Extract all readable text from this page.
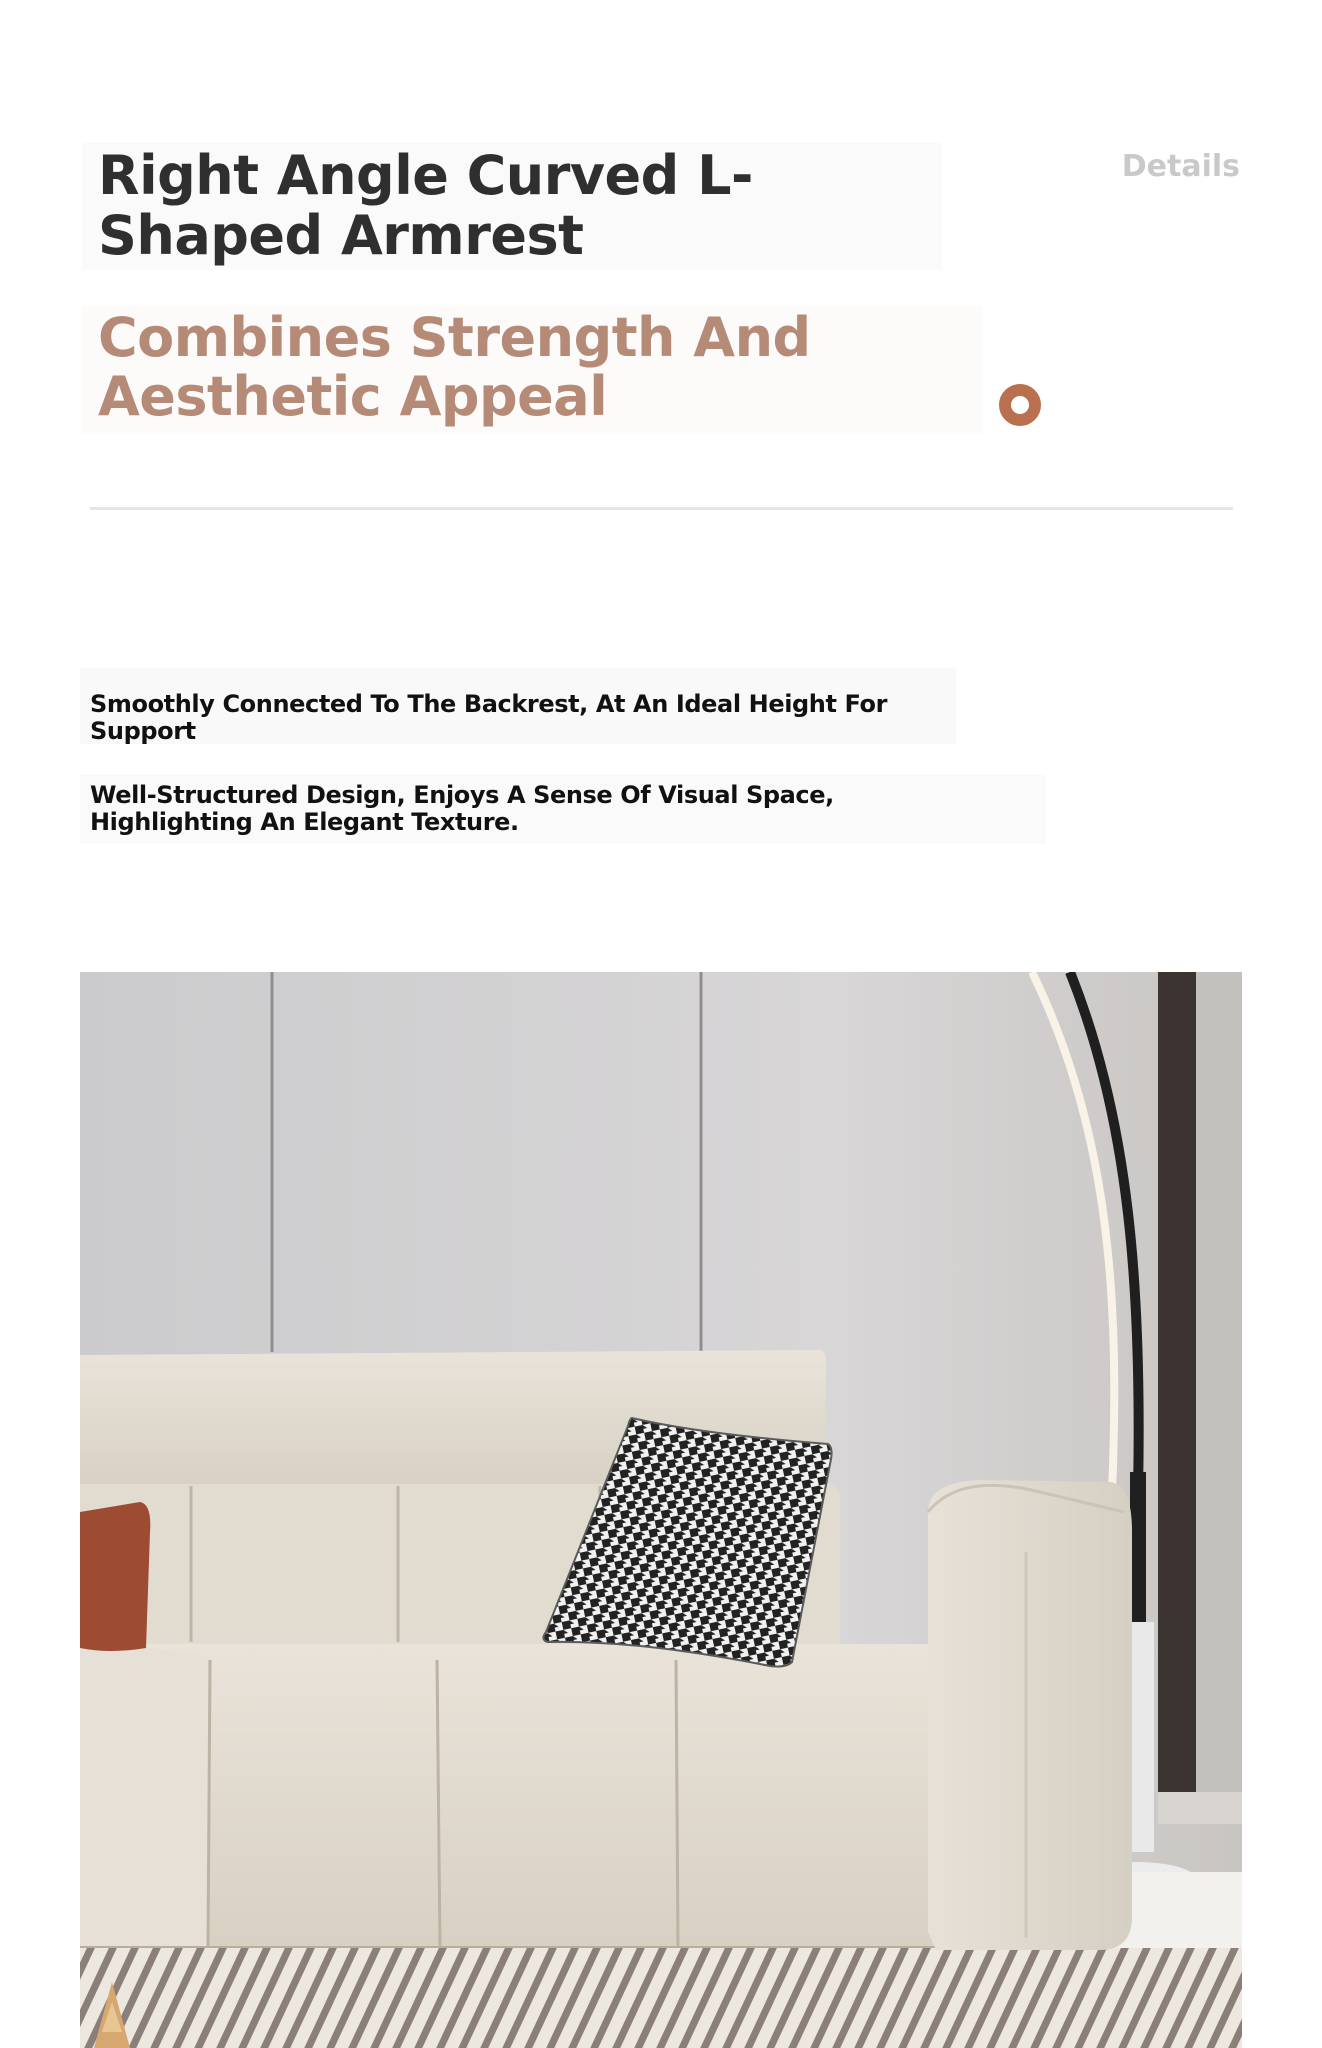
Right Angle Curved L-Shaped Armrest
Details
Combines Strength And Aesthetic Appeal

Smoothly Connected To The Backrest, At An Ideal Height For Support

Well-Structured Design, Enjoys A Sense Of Visual Space, Highlighting An Elegant Texture.
